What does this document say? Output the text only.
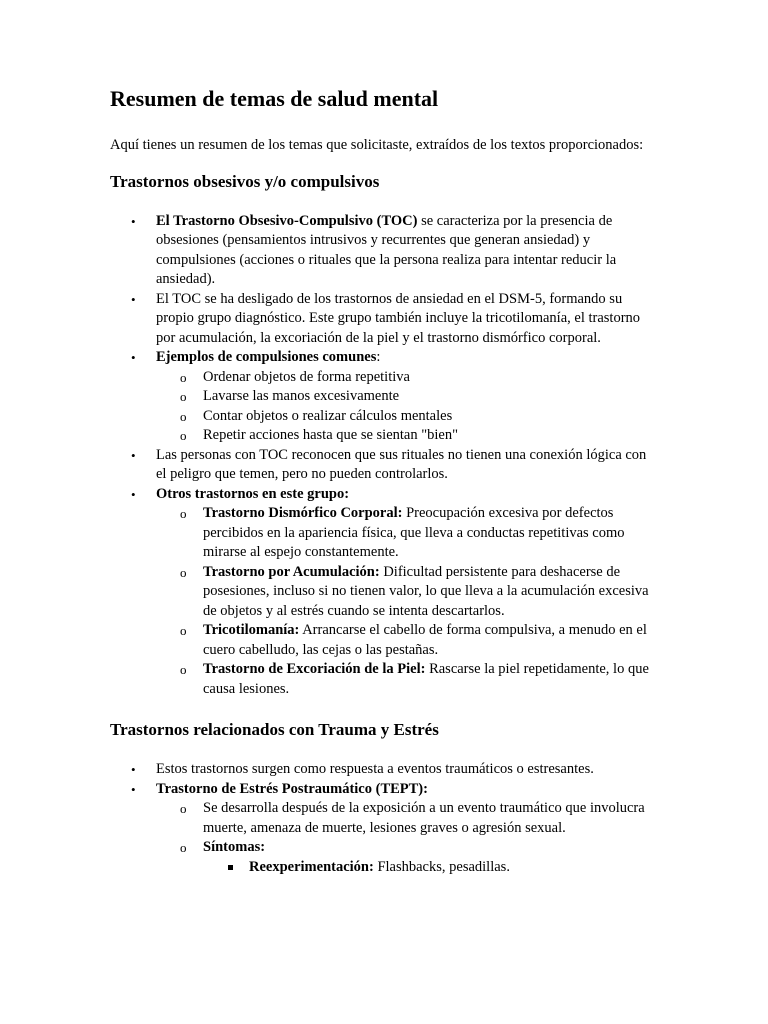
Resumen de temas de salud mental

Aquí tienes un resumen de los temas que solicitaste, extraídos de los textos proporcionados:

Trastornos obsesivos y/o compulsivos
• El Trastorno Obsesivo-Compulsivo (TOC) se caracteriza por la presencia de obsesiones (pensamientos intrusivos y recurrentes que generan ansiedad) y compulsiones (acciones o rituales que la persona realiza para intentar reducir la ansiedad).
• El TOC se ha desligado de los trastornos de ansiedad en el DSM-5, formando su propio grupo diagnóstico. Este grupo también incluye la tricotilomanía, el trastorno por acumulación, la excoriación de la piel y el trastorno dismórfico corporal.
• Ejemplos de compulsiones comunes:
o Ordenar objetos de forma repetitiva
o Lavarse las manos excesivamente
o Contar objetos o realizar cálculos mentales
o Repetir acciones hasta que se sientan "bien"
• Las personas con TOC reconocen que sus rituales no tienen una conexión lógica con el peligro que temen, pero no pueden controlarlos.
• Otros trastornos en este grupo:
o Trastorno Dismórfico Corporal: Preocupación excesiva por defectos percibidos en la apariencia física, que lleva a conductas repetitivas como mirarse al espejo constantemente.
o Trastorno por Acumulación: Dificultad persistente para deshacerse de posesiones, incluso si no tienen valor, lo que lleva a la acumulación excesiva de objetos y al estrés cuando se intenta descartarlos.
o Tricotilomanía: Arrancarse el cabello de forma compulsiva, a menudo en el cuero cabelludo, las cejas o las pestañas.
o Trastorno de Excoriación de la Piel: Rascarse la piel repetidamente, lo que causa lesiones.
Trastornos relacionados con Trauma y Estrés
• Estos trastornos surgen como respuesta a eventos traumáticos o estresantes.
• Trastorno de Estrés Postraumático (TEPT):
o Se desarrolla después de la exposición a un evento traumático que involucra muerte, amenaza de muerte, lesiones graves o agresión sexual.
o Síntomas:
Reexperimentación: Flashbacks, pesadillas.
